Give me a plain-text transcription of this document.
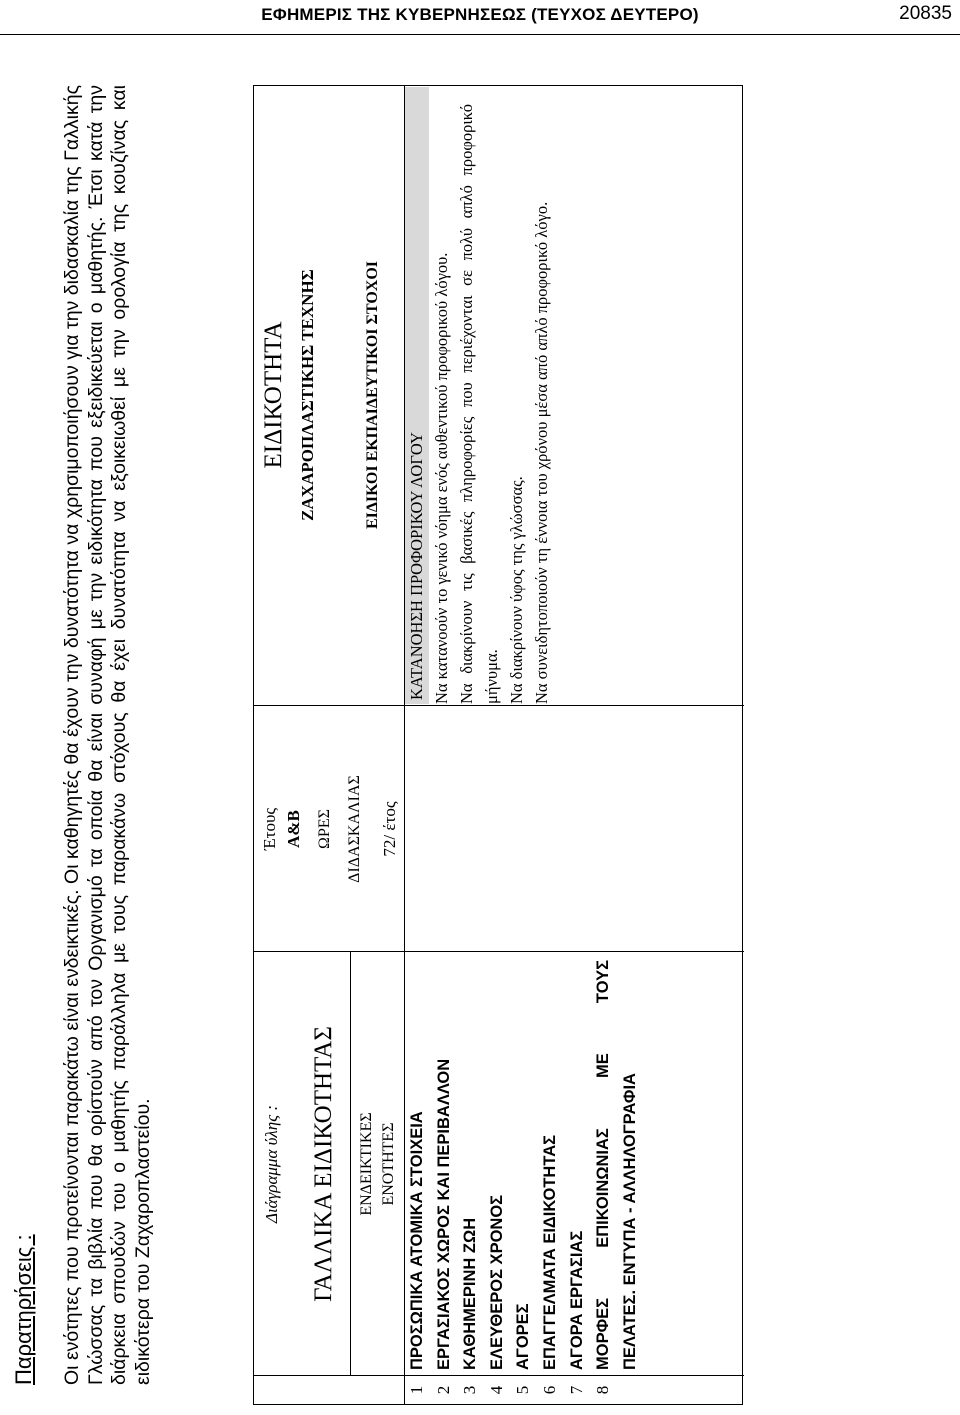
ΕΦΗΜΕΡΙΣ ΤΗΣ ΚΥΒΕΡΝΗΣΕΩΣ (ΤΕΥΧΟΣ ΔΕΥΤΕΡΟ)	20835
Παρατηρήσεις : Οι ενότητες που προτείνονται παρακάτω είναι ενδεικτικές. Οι καθηγητές θα έχουν την δυνατότητα να χρησιμοποιήσουν για την διδασκαλία της Γαλλικής Γλώσσας τα βιβλία που θα ορίστούν από τον Οργανισμό τα οποία θα είναι συναφή με την ειδικότητα που εξειδικεύεται ο μαθητής. Έτσι κατά την διάρκεια σπουδών του ο μαθητής παράλληλα με τους παρακάνω στόχους θα έχει δυνατότητα να εξοικειωθεί με την ορολογία της κουζίνας και ειδικότερα του Ζαχαροπλαστείου.	Διάγραμμα ύλης : ΓΑΛΛΙΚΑ ΕΙΔΙΚΟΤΗΤΑΣ
Έτους Α&Β
ΕΙΔΙΚΟΤΗΤΑ ΖΑΧΑΡΟΠΛΑΣΤΙΚΗΣ ΤΕΧΝΗΣ
ΕΝΔΕΙΚΤΙΚΕΣ ΕΝΟΤΗΤΕΣ
ΩΡΕΣ ΔΙΔΑΣΚΑΛΙΑΣ 72/ έτος
ΕΙΔΙΚΟΙ ΕΚΠΑΙΔΕΥΤΙΚΟΙ ΣΤΟΧΟΙ
ΚΑΤΑΝΟΗΣΗ ΠΡΟΦΟΡΙΚΟΥ ΛΟΓΟΥ
1 2 3 4 5 6 7 8
ΠΡΟΣΩΠΙΚΑ ΑΤΟΜΙΚΑ ΣΤΟΙΧΕΙΑ ΕΡΓΑΣΙΑΚΟΣ ΧΩΡΟΣ ΚΑΙ ΠΕΡΙΒΑΛΛΟΝ ΚΑΘΗΜΕΡΙΝΗ ΖΩΗ ΕΛΕΥΘΕΡΟΣ ΧΡΟΝΟΣ ΑΓΟΡΕΣ ΕΠΑΓΓΕΛΜΑΤΑ ΕΙΔΙΚΟΤΗΤΑΣ ΑΓΟΡΑ ΕΡΓΑΣΙΑΣ ΜΟΡΦΕΣ ΕΠΙΚΟΙΝΩΝΙΑΣ ΜΕ ΤΟΥΣ ΠΕΛΑΤΕΣ. ΕΝΤΥΠΑ - ΑΛΛΗΛΟΓΡΑΦΙΑ
Να κατανοούν το γενικό νόημα ενός αυθεντικού προφορικού λόγου. Να διακρίνουν τις βασικές πληροφορίες που περιέχονται σε πολύ απλό προφορικό μήνυμα. Να διακρίνουν ύφος της γλώσσας. Να συνειδητοποιούν τη έννοια του χρόνου μέσα από απλό προφορικό λόγο.
